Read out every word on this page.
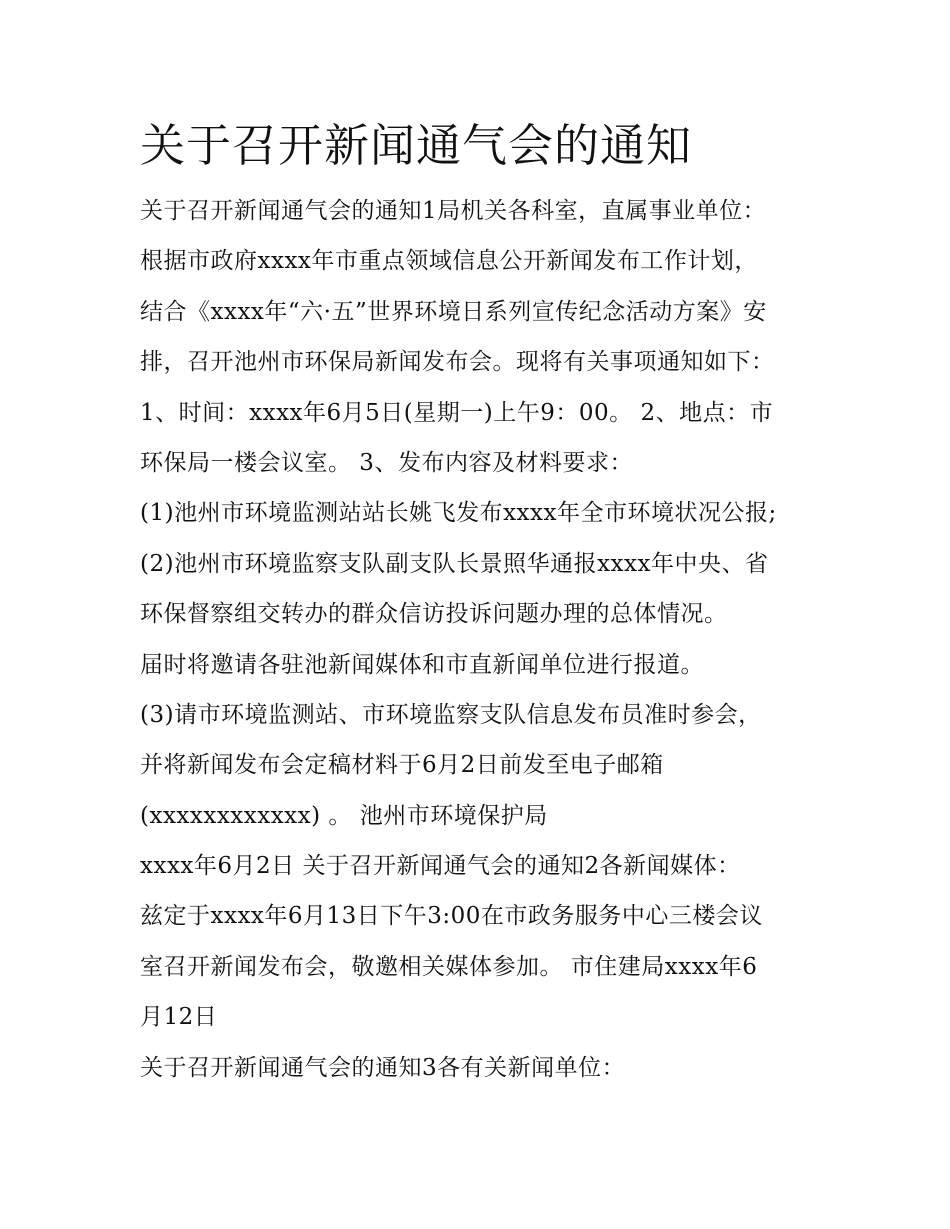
关于召开新闻通气会的通知
关于召开新闻通气会的通知1局机关各科室，直属事业单位：
根据市政府xxxx年市重点领域信息公开新闻发布工作计划，
结合《xxxx年“六·五”世界环境日系列宣传纪念活动方案》安
排，召开池州市环保局新闻发布会。现将有关事项通知如下：
1、时间：xxxx年6月5日(星期一)上午9：00。 2、地点：市
环保局一楼会议室。 3、发布内容及材料要求：
(1)池州市环境监测站站长姚飞发布xxxx年全市环境状况公报;
(2)池州市环境监察支队副支队长景照华通报xxxx年中央、省
环保督察组交转办的群众信访投诉问题办理的总体情况。
届时将邀请各驻池新闻媒体和市直新闻单位进行报道。
(3)请市环境监测站、市环境监察支队信息发布员准时参会，
并将新闻发布会定稿材料于6月2日前发至电子邮箱
(xxxxxxxxxxxx) 。 池州市环境保护局
xxxx年6月2日 关于召开新闻通气会的通知2各新闻媒体：
兹定于xxxx年6月13日下午3:00在市政务服务中心三楼会议
室召开新闻发布会，敬邀相关媒体参加。 市住建局xxxx年6
月12日
关于召开新闻通气会的通知3各有关新闻单位：
